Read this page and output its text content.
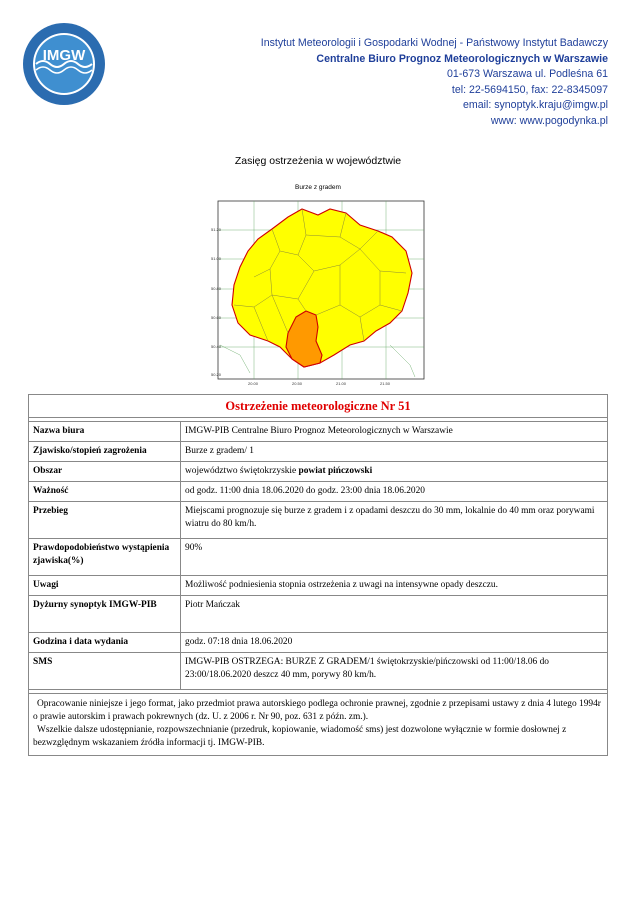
IMGW
Instytut Meteorologii i Gospodarki Wodnej - Państwowy Instytut Badawczy
Centralne Biuro Prognoz Meteorologicznych w Warszawie
01-673 Warszawa ul. Podleśna 61
tel: 22-5694150, fax: 22-8345097
email: synoptyk.kraju@imgw.pl
www: www.pogodynka.pl
Zasięg ostrzeżenia w województwie
Burze z gradem
51.20
51.00
50.80
50.60
50.40
50.20
20.00	20.50	21.00	21.50
Ostrzeżenie meteorologiczne Nr 51	

Nazwa biura	IMGW-PIB Centralne Biuro Prognoz Meteorologicznych w Warszawie
Zjawisko/stopień zagrożenia	Burze z gradem/ 1
Obszar	województwo świętokrzyskie powiat pińczowski
Ważność	od godz. 11:00 dnia 18.06.2020 do godz. 23:00 dnia 18.06.2020
Przebieg	Miejscami prognozuje się burze z gradem i z opadami deszczu do 30 mm, lokalnie do 40 mm oraz porywami wiatru do 80 km/h.
Prawdopodobieństwo wystąpienia zjawiska(%)	90%
Uwagi	Możliwość podniesienia stopnia ostrzeżenia z uwagi na intensywne opady deszczu.
Dyżurny synoptyk IMGW-PIB	Piotr Mańczak
Godzina i data wydania	godz. 07:18 dnia 18.06.2020
SMS	IMGW-PIB OSTRZEGA: BURZE Z GRADEM/1 świętokrzyskie/pińczowski od 11:00/18.06 do 23:00/18.06.2020 deszcz 40 mm, porywy 80 km/h.

Opracowanie niniejsze i jego format, jako przedmiot prawa autorskiego podlega ochronie prawnej, zgodnie z przepisami ustawy z dnia 4 lutego 1994r o prawie autorskim i prawach pokrewnych (dz. U. z 2006 r. Nr 90, poz. 631 z późn. zm.).
Wszelkie dalsze udostępnianie, rozpowszechnianie (przedruk, kopiowanie, wiadomość sms) jest dozwolone wyłącznie w formie dosłownej z bezwzględnym wskazaniem źródła informacji tj. IMGW-PIB.	
